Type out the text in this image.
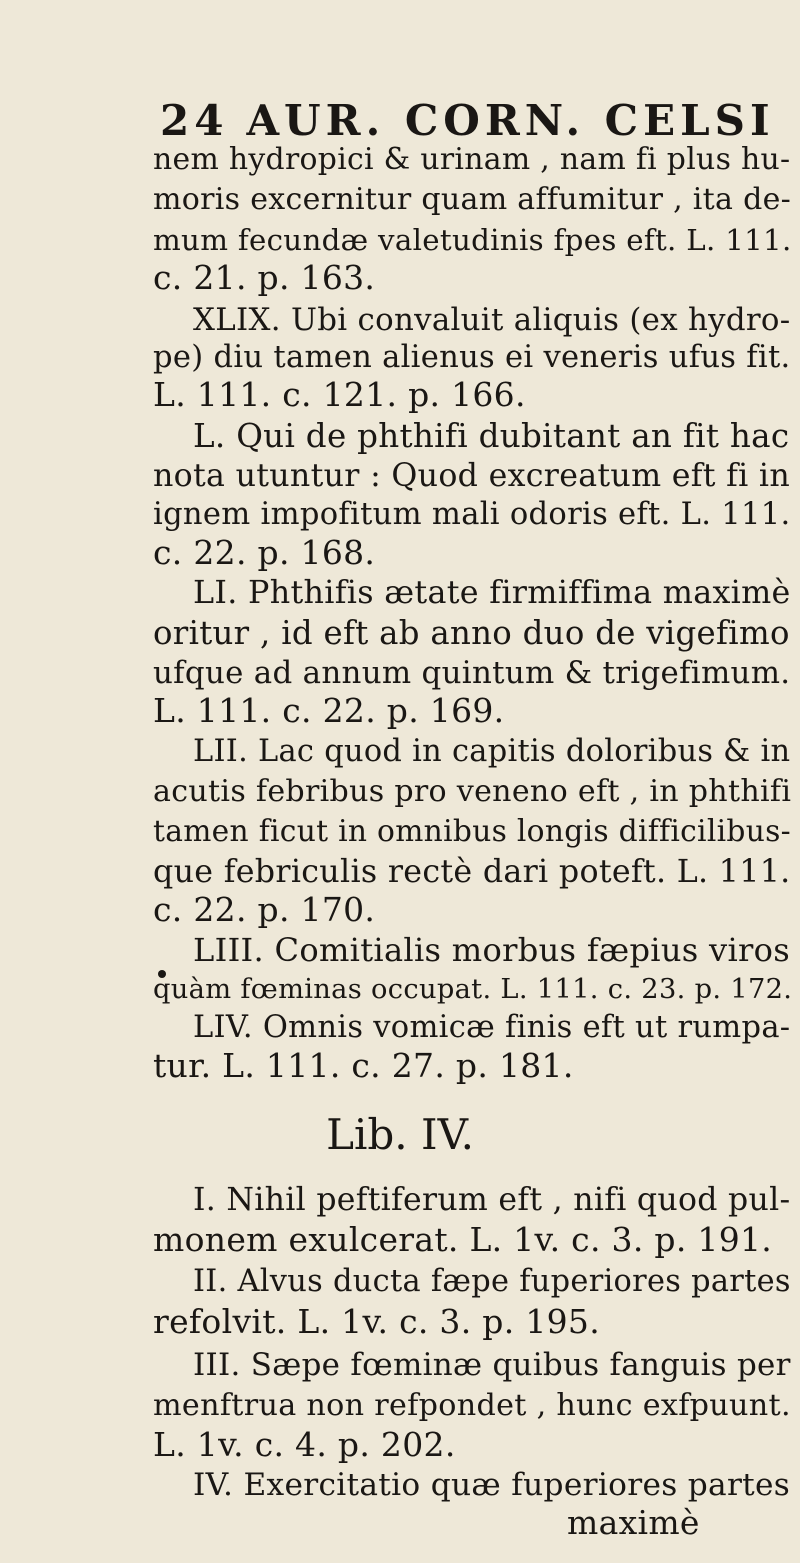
24 AUR. CORN. CELSI
nem hydropici & urinam , nam fi plus hu-
moris excernitur quam affumitur , ita de-
mum fecundæ valetudinis fpes eft. L. 111.
c. 21. p. 163.
XLIX. Ubi convaluit aliquis (ex hydro-
pe) diu tamen alienus ei veneris ufus fit.
L. 111. c. 121. p. 166.
L. Qui de phthifi dubitant an fit hac
nota utuntur : Quod excreatum eft fi in
ignem impofitum mali odoris eft. L. 111.
c. 22. p. 168.
LI. Phthifis ætate firmiffima maximè
oritur , id eft ab anno duo de vigefimo
ufque ad annum quintum & trigefimum.
L. 111. c. 22. p. 169.
LII. Lac quod in capitis doloribus & in
acutis febribus pro veneno eft , in phthifi
tamen ficut in omnibus longis difficilibus-
que febriculis rectè dari poteft. L. 111.
c. 22. p. 170.
LIII. Comitialis morbus fæpius viros
quàm fœminas occupat. L. 111. c. 23. p. 172.
LIV. Omnis vomicæ finis eft ut rumpa-
tur. L. 111. c. 27. p. 181.
Lib. IV.
I. Nihil peftiferum eft , nifi quod pul-
monem exulcerat. L. 1v. c. 3. p. 191.
II. Alvus ducta fæpe fuperiores partes
refolvit. L. 1v. c. 3. p. 195.
III. Sæpe fœminæ quibus fanguis per
menftrua non refpondet , hunc exfpuunt.
L. 1v. c. 4. p. 202.
IV. Exercitatio quæ fuperiores partes
maximè
